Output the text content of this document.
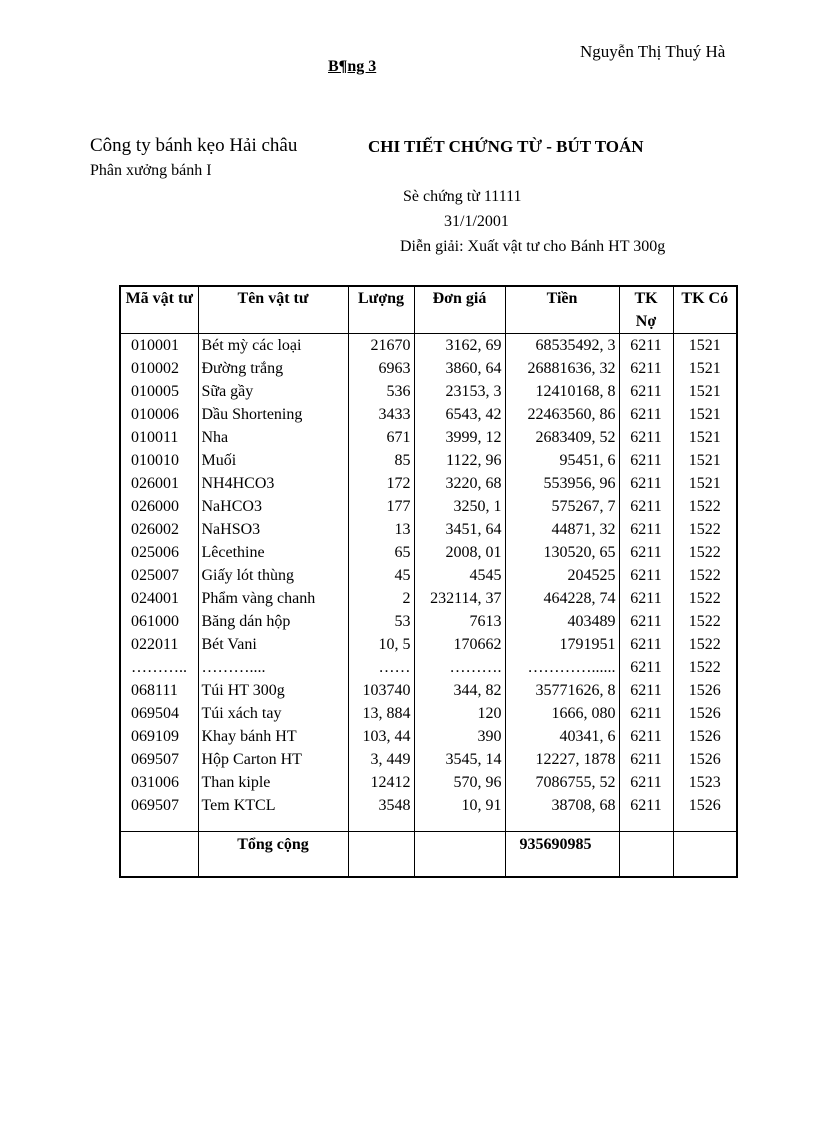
Nguyễn Thị Thuý Hà
B¶ng 3
Công ty bánh kẹo Hải châu	CHI TIẾT CHỨNG TỪ - BÚT TOÁN
Phân xưởng bánh I
Sè chứng từ 11111
31/1/2001
Diễn giải: Xuất vật tư cho Bánh HT 300g
Mã vật tư	Tên vật tư	Lượng	Đơn giá	Tiền	TK Nợ	TK Có
010001	Bét mỳ các loại	21670	3162, 69	68535492, 3	6211	1521
010002	Đường trắng	6963	3860, 64	26881636, 32	6211	1521
010005	Sữa gầy	536	23153, 3	12410168, 8	6211	1521
010006	Dầu Shortening	3433	6543, 42	22463560, 86	6211	1521
010011	Nha	671	3999, 12	2683409, 52	6211	1521
010010	Muối	85	1122, 96	95451, 6	6211	1521
026001	NH4HCO3	172	3220, 68	553956, 96	6211	1521
026000	NaHCO3	177	3250, 1	575267, 7	6211	1522
026002	NaHSO3	13	3451, 64	44871, 32	6211	1522
025006	Lêcethine	65	2008, 01	130520, 65	6211	1522
025007	Giấy lót thùng	45	4545	204525	6211	1522
024001	Phẩm vàng chanh	2	232114, 37	464228, 74	6211	1522
061000	Băng dán hộp	53	7613	403489	6211	1522
022011	Bét Vani	10, 5	170662	1791951	6211	1522
………..	………....	……	……….	…………......	6211	1522
068111	Túi HT 300g	103740	344, 82	35771626, 8	6211	1526
069504	Túi xách tay	13, 884	120	1666, 080	6211	1526
069109	Khay bánh HT	103, 44	390	40341, 6	6211	1526
069507	Hộp Carton HT	3, 449	3545, 14	12227, 1878	6211	1526
031006	Than kiple	12412	570, 96	7086755, 52	6211	1523
069507	Tem KTCL	3548	10, 91	38708, 68	6211	1526

	Tổng cộng			935690985		
